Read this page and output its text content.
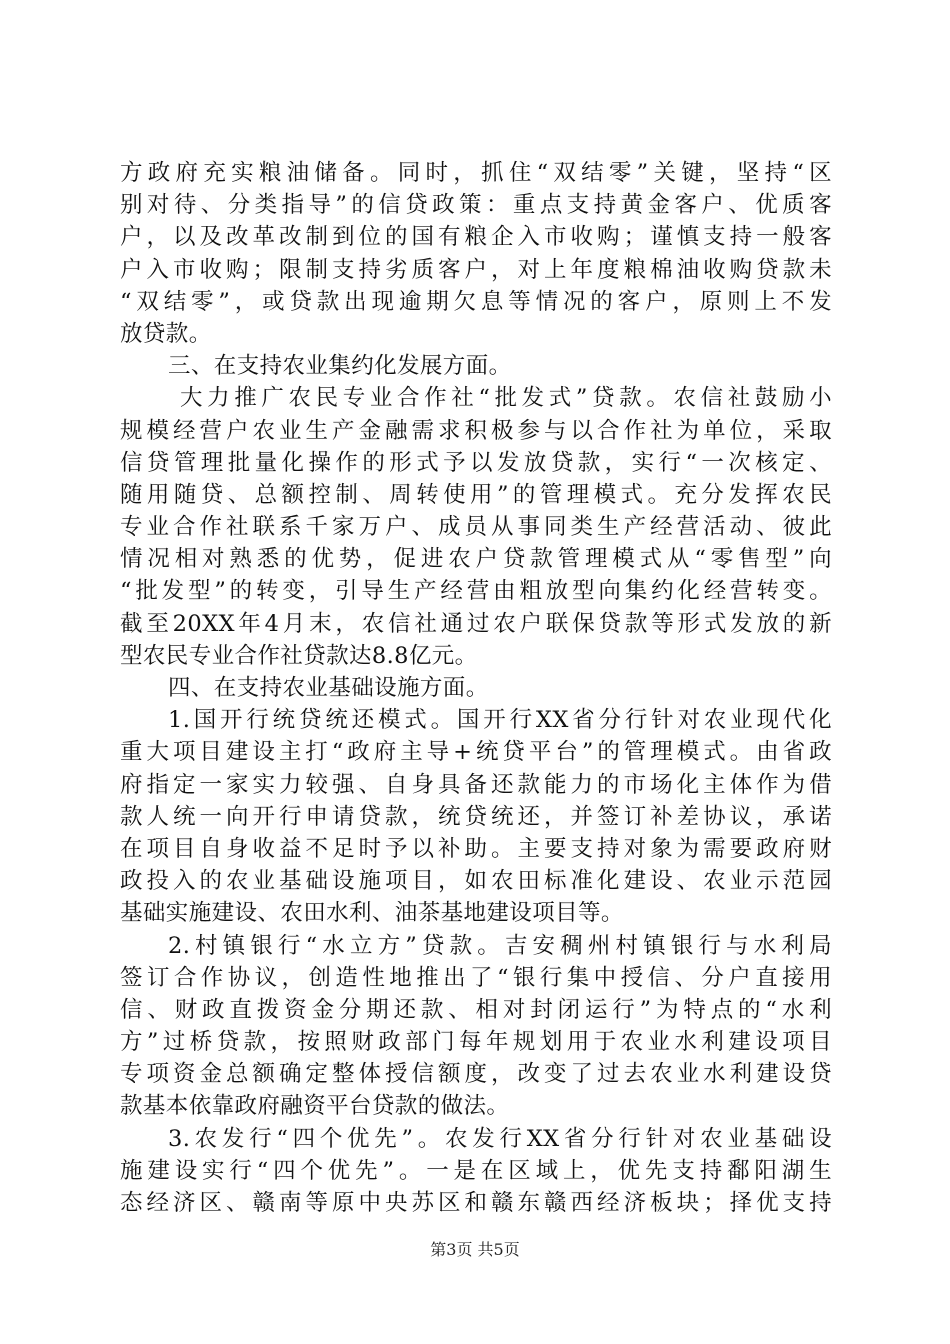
方政府充实粮油储备。同时，抓住“双结零”关键，坚持“区
别对待、分类指导”的信贷政策：重点支持黄金客户、优质客
户，以及改革改制到位的国有粮企入市收购；谨慎支持一般客
户入市收购；限制支持劣质客户，对上年度粮棉油收购贷款未
“双结零”，或贷款出现逾期欠息等情况的客户，原则上不发
放贷款。
三、在支持农业集约化发展方面。
大力推广农民专业合作社“批发式”贷款。农信社鼓励小
规模经营户农业生产金融需求积极参与以合作社为单位，采取
信贷管理批量化操作的形式予以发放贷款，实行“一次核定、
随用随贷、总额控制、周转使用”的管理模式。充分发挥农民
专业合作社联系千家万户、成员从事同类生产经营活动、彼此
情况相对熟悉的优势，促进农户贷款管理模式从“零售型”向
“批发型”的转变，引导生产经营由粗放型向集约化经营转变。
截至20XX年4月末，农信社通过农户联保贷款等形式发放的新
型农民专业合作社贷款达8.8亿元。
四、在支持农业基础设施方面。
1.国开行统贷统还模式。国开行XX省分行针对农业现代化
重大项目建设主打“政府主导+统贷平台”的管理模式。由省政
府指定一家实力较强、自身具备还款能力的市场化主体作为借
款人统一向开行申请贷款，统贷统还，并签订补差协议，承诺
在项目自身收益不足时予以补助。主要支持对象为需要政府财
政投入的农业基础设施项目，如农田标准化建设、农业示范园
基础实施建设、农田水利、油茶基地建设项目等。
2.村镇银行“水立方”贷款。吉安稠州村镇银行与水利局
签订合作协议，创造性地推出了“银行集中授信、分户直接用
信、财政直拨资金分期还款、相对封闭运行”为特点的“水利
方”过桥贷款，按照财政部门每年规划用于农业水利建设项目
专项资金总额确定整体授信额度，改变了过去农业水利建设贷
款基本依靠政府融资平台贷款的做法。
3.农发行“四个优先”。农发行XX省分行针对农业基础设
施建设实行“四个优先”。一是在区域上，优先支持鄱阳湖生
态经济区、赣南等原中央苏区和赣东赣西经济板块；择优支持
第3页 共5页
